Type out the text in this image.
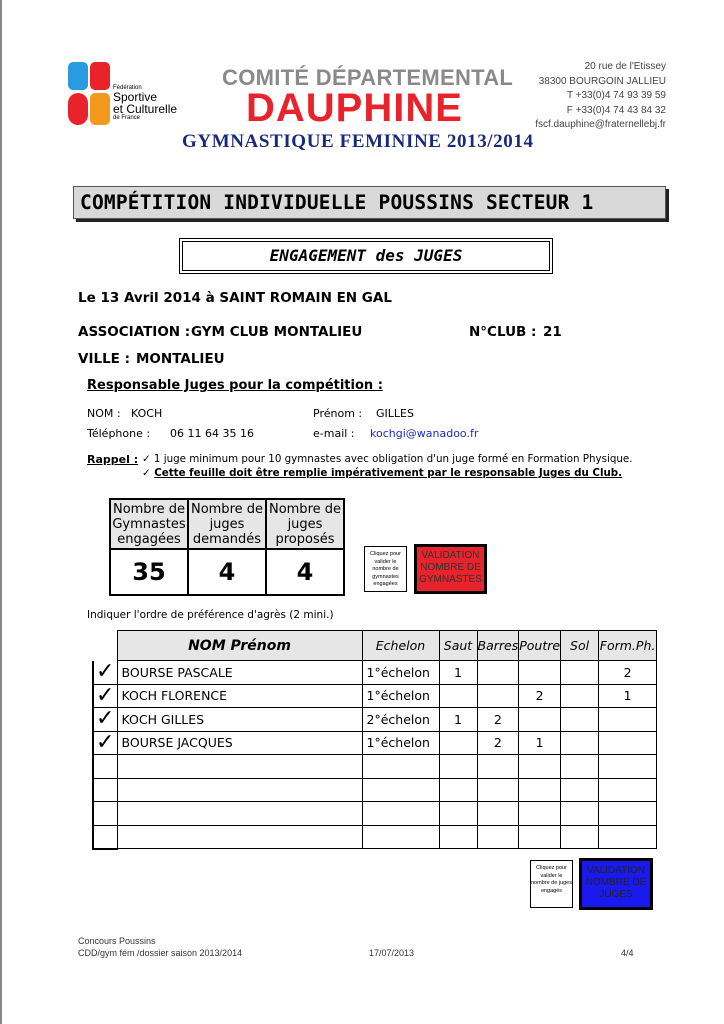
Fédération
Sportive
et Culturelle
de France
COMITÉ DÉPARTEMENTAL
DAUPHINE
GYMNASTIQUE FEMININE 2013/2014
20 rue de l'Etissey
38300 BOURGOIN JALLIEU
T +33(0)4 74 93 39 59
F +33(0)4 74 43 84 32
fscf.dauphine@fraternellebj.fr
COMPÉTITION INDIVIDUELLE POUSSINS SECTEUR 1
ENGAGEMENT des JUGES
Le 13 Avril 2014 à SAINT ROMAIN EN GAL
ASSOCIATION : GYM CLUB MONTALIEU	N°CLUB : 21
VILLE : MONTALIEU
Responsable Juges pour la compétition :
NOM : KOCH	Prénom : GILLES
Téléphone : 06 11 64 35 16	e-mail : kochgi@wanadoo.fr
Rappel : ✓ 1 juge minimum pour 10 gymnastes avec obligation d'un juge formé en Formation Physique.
✓ Cette feuille doit être remplie impérativement par le responsable Juges du Club.
Nombre de Gymnastes engagées	Nombre de juges demandés	Nombre de juges proposés
35	4	4
Cliquez pour valider le nombre de gymnastes engagées
VALIDATION NOMBRE DE GYMNASTES
Indiquer l'ordre de préférence d'agrès (2 mini.)
	NOM Prénom	Echelon	Saut	Barres	Poutre	Sol	Form.Ph.
✓	BOURSE PASCALE	1°échelon	1				2
✓	KOCH FLORENCE	1°échelon			2		1
✓	KOCH GILLES	2°échelon	1	2			
✓	BOURSE JACQUES	1°échelon		2	1		

Cliquez pour valider le nombre de juges engagés
VALIDATION NOMBRE DE JUGES
Concours Poussins
CDD/gym fém /dossier saison 2013/2014	17/07/2013	4/4
